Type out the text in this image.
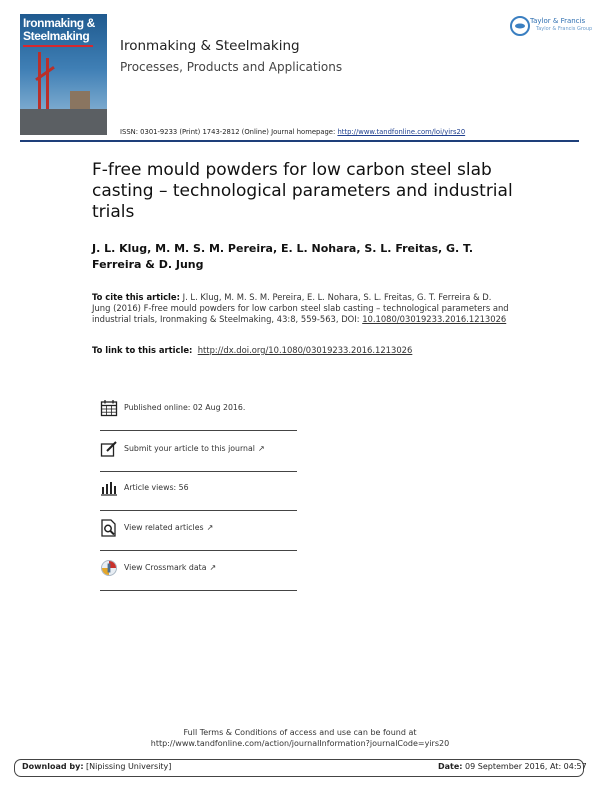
Ironmaking &
Steelmaking
Ironmaking & Steelmaking
Processes, Products and Applications
Taylor & Francis
Taylor & Francis Group
ISSN: 0301-9233 (Print) 1743-2812 (Online) Journal homepage: http://www.tandfonline.com/loi/yirs20
F-free mould powders for low carbon steel slab casting – technological parameters and industrial trials
J. L. Klug, M. M. S. M. Pereira, E. L. Nohara, S. L. Freitas, G. T. Ferreira & D. Jung
To cite this article: J. L. Klug, M. M. S. M. Pereira, E. L. Nohara, S. L. Freitas, G. T. Ferreira & D. Jung (2016) F-free mould powders for low carbon steel slab casting – technological parameters and industrial trials, Ironmaking & Steelmaking, 43:8, 559-563, DOI: 10.1080/03019233.2016.1213026
To link to this article: http://dx.doi.org/10.1080/03019233.2016.1213026
Published online: 02 Aug 2016.
Submit your article to this journal ↗
Article views: 56
View related articles ↗
View Crossmark data ↗
Full Terms & Conditions of access and use can be found at
http://www.tandfonline.com/action/journalInformation?journalCode=yirs20
Download by: [Nipissing University]	Date: 09 September 2016, At: 04:57
